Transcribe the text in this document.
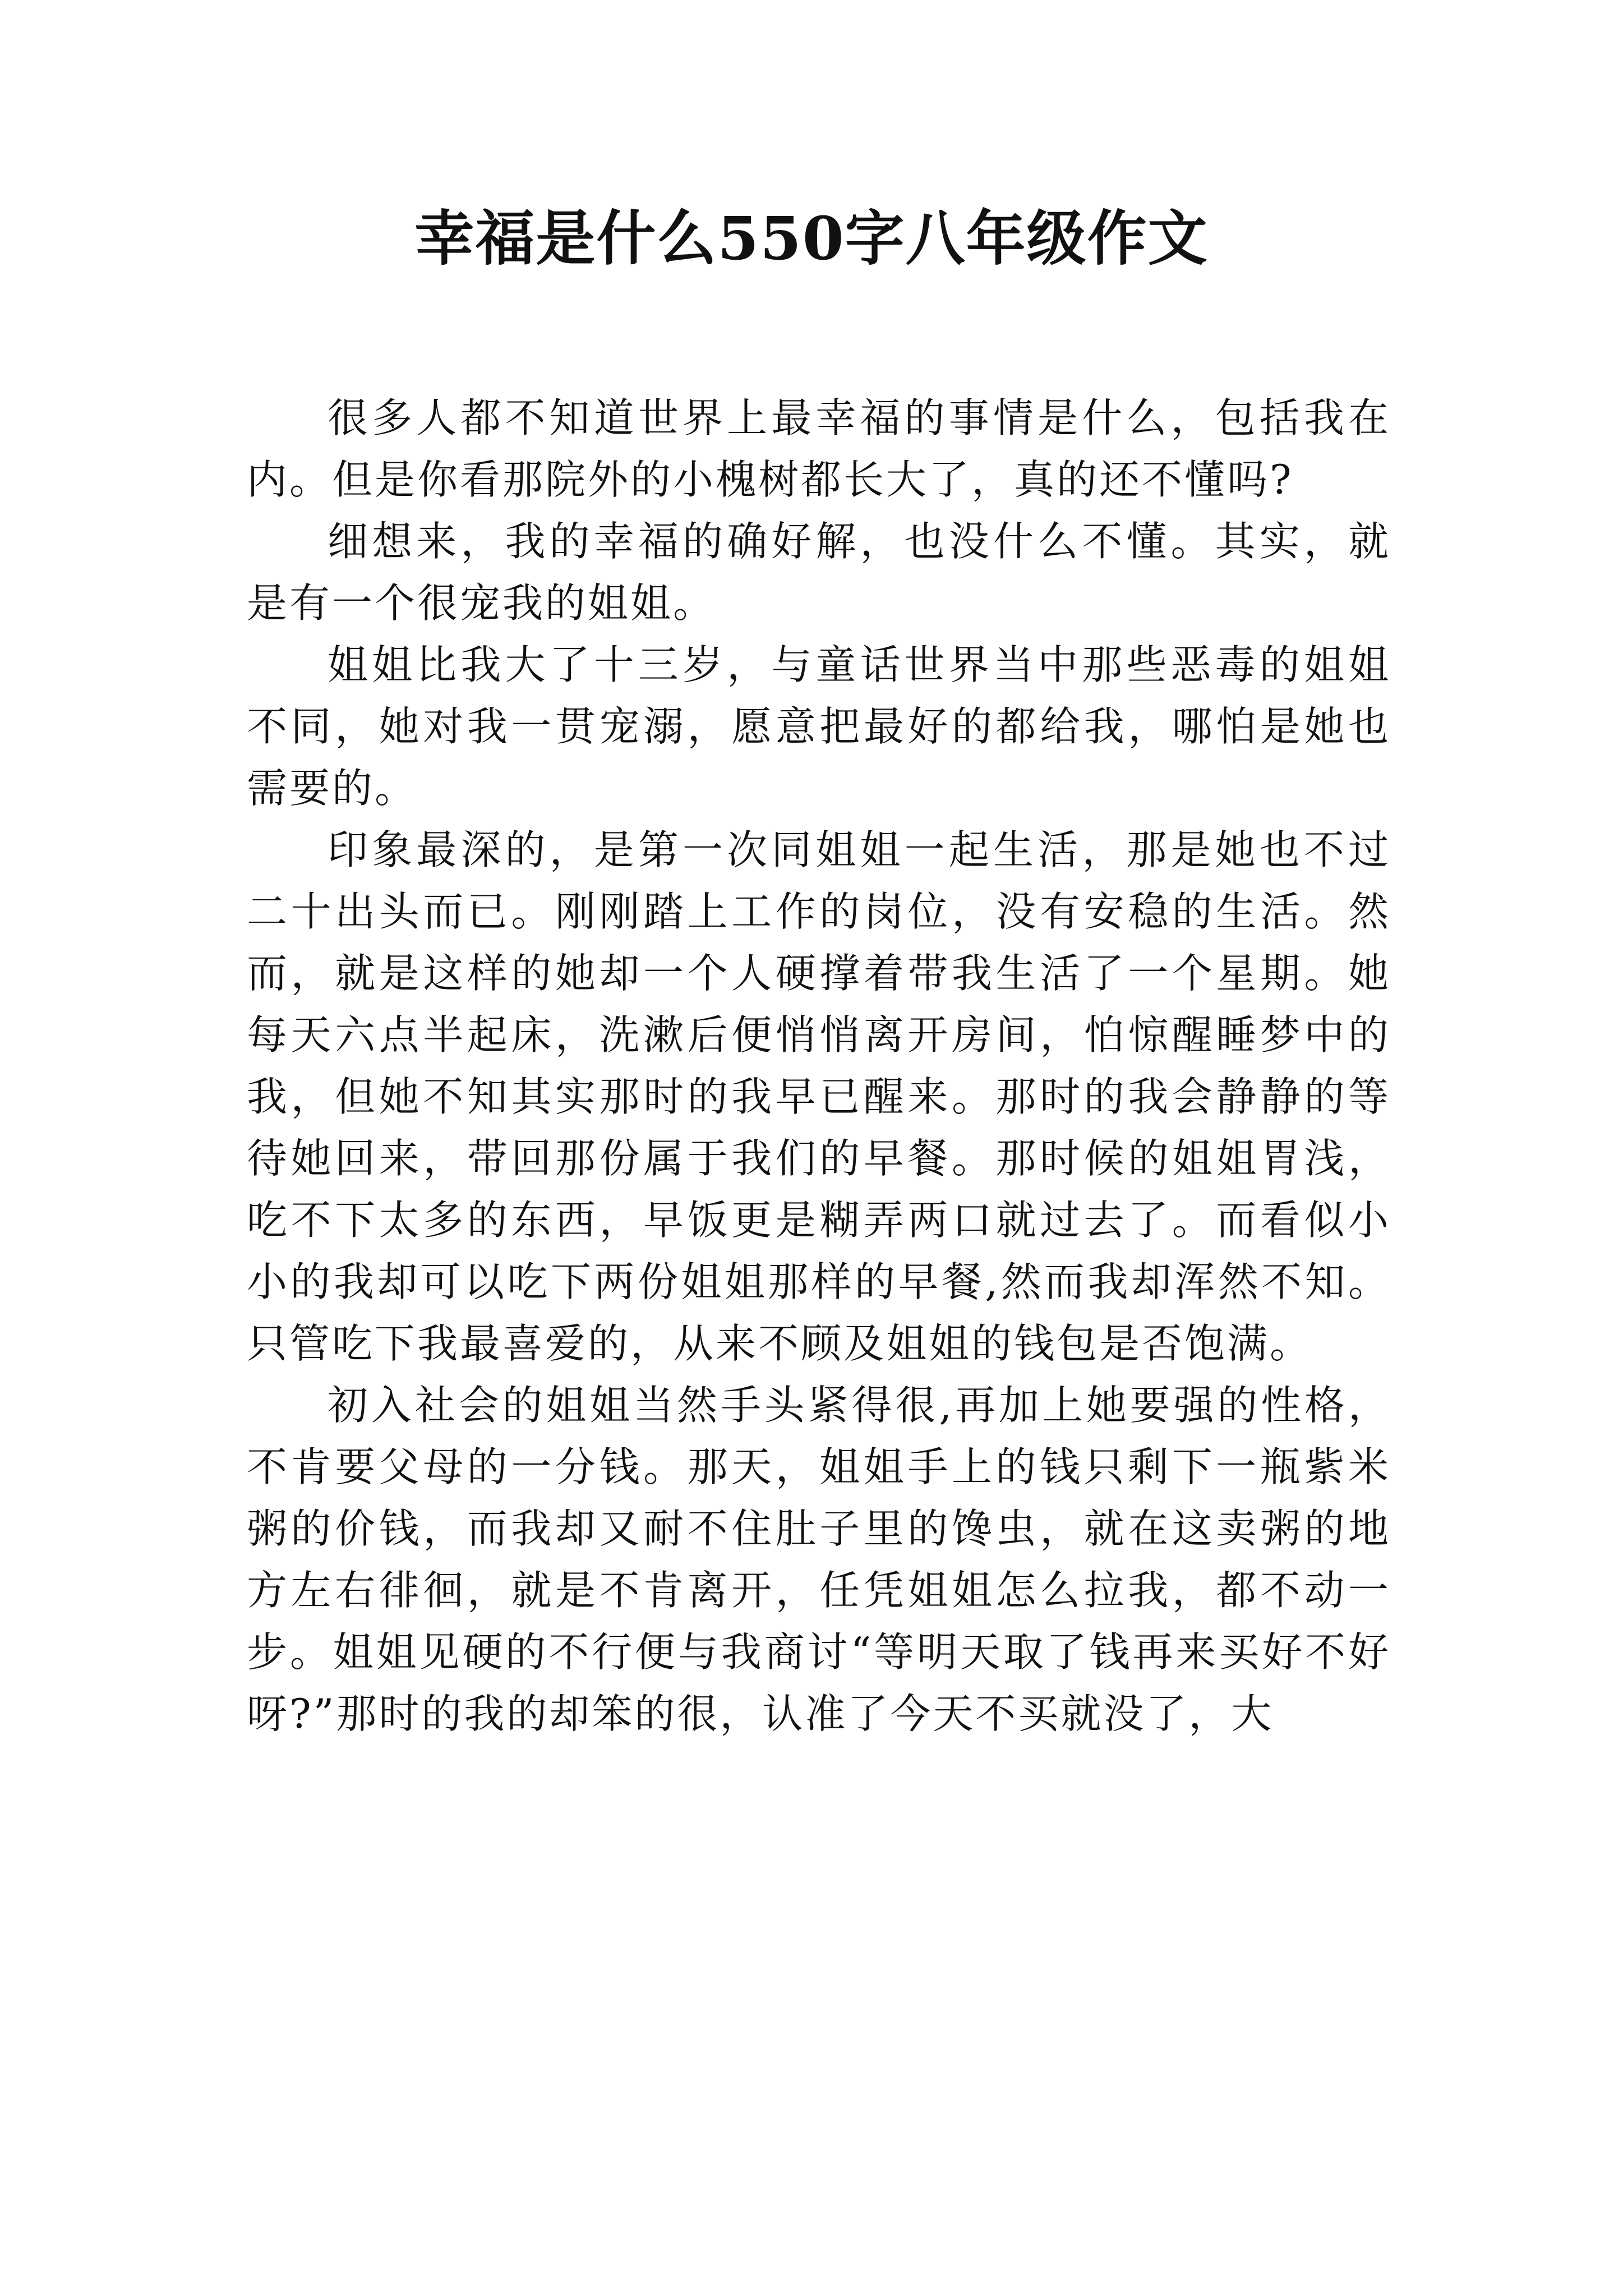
幸福是什么550字八年级作文

很多人都不知道世界上最幸福的事情是什么，包括我在内。但是你看那院外的小槐树都长大了，真的还不懂吗?

细想来，我的幸福的确好解，也没什么不懂。其实，就是有一个很宠我的姐姐。

姐姐比我大了十三岁，与童话世界当中那些恶毒的姐姐不同，她对我一贯宠溺，愿意把最好的都给我，哪怕是她也需要的。

印象最深的，是第一次同姐姐一起生活，那是她也不过二十出头而已。刚刚踏上工作的岗位，没有安稳的生活。然而，就是这样的她却一个人硬撑着带我生活了一个星期。她每天六点半起床，洗漱后便悄悄离开房间，怕惊醒睡梦中的我，但她不知其实那时的我早已醒来。那时的我会静静的等待她回来，带回那份属于我们的早餐。那时候的姐姐胃浅，吃不下太多的东西，早饭更是糊弄两口就过去了。而看似小小的我却可以吃下两份姐姐那样的早餐,然而我却浑然不知。只管吃下我最喜爱的，从来不顾及姐姐的钱包是否饱满。

初入社会的姐姐当然手头紧得很,再加上她要强的性格，不肯要父母的一分钱。那天，姐姐手上的钱只剩下一瓶紫米粥的价钱，而我却又耐不住肚子里的馋虫，就在这卖粥的地方左右徘徊，就是不肯离开，任凭姐姐怎么拉我，都不动一步。姐姐见硬的不行便与我商讨“等明天取了钱再来买好不好呀?”那时的我的却笨的很，认准了今天不买就没了，大
